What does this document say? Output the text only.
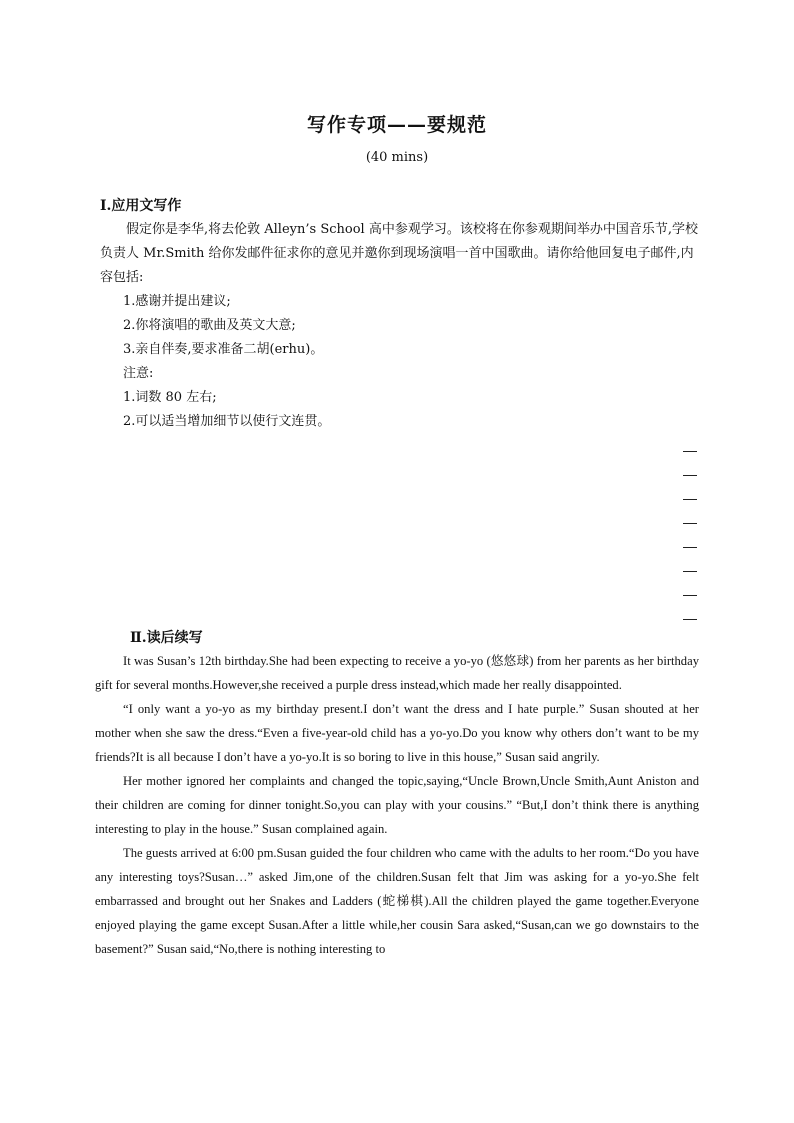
写作专项——要规范
(40 mins)
Ⅰ.应用文写作
假定你是李华,将去伦敦 Alleyn’s School 高中参观学习。该校将在你参观期间举办中国音乐节,学校负责人 Mr.Smith 给你发邮件征求你的意见并邀你到现场演唱一首中国歌曲。请你给他回复电子邮件,内容包括:
1.感谢并提出建议;
2.你将演唱的歌曲及英文大意;
3.亲自伴奏,要求准备二胡(erhu)。
注意:
1.词数 80 左右;
2.可以适当增加细节以使行文连贯。
Ⅱ.读后续写

It was Susan’s 12th birthday.She had been expecting to receive a yo-yo (悠悠球) from her parents as her birthday gift for several months.However,she received a purple dress instead,which made her really disappointed.

“I only want a yo-yo as my birthday present.I don’t want the dress and I hate purple.” Susan shouted at her mother when she saw the dress.“Even a five-year-old child has a yo-yo.Do you know why others don’t want to be my friends?It is all because I don’t have a yo-yo.It is so boring to live in this house,” Susan said angrily.

Her mother ignored her complaints and changed the topic,saying,“Uncle Brown,Uncle Smith,Aunt Aniston and their children are coming for dinner tonight.So,you can play with your cousins.” “But,I don’t think there is anything interesting to play in the house.” Susan complained again.

The guests arrived at 6:00 pm.Susan guided the four children who came with the adults to her room.“Do you have any interesting toys?Susan…” asked Jim,one of the children.Susan felt that Jim was asking for a yo-yo.She felt embarrassed and brought out her Snakes and Ladders (蛇梯棋).All the children played the game together.Everyone enjoyed playing the game except Susan.After a little while,her cousin Sara asked,“Susan,can we go downstairs to the basement?” Susan said,“No,there is nothing interesting to
